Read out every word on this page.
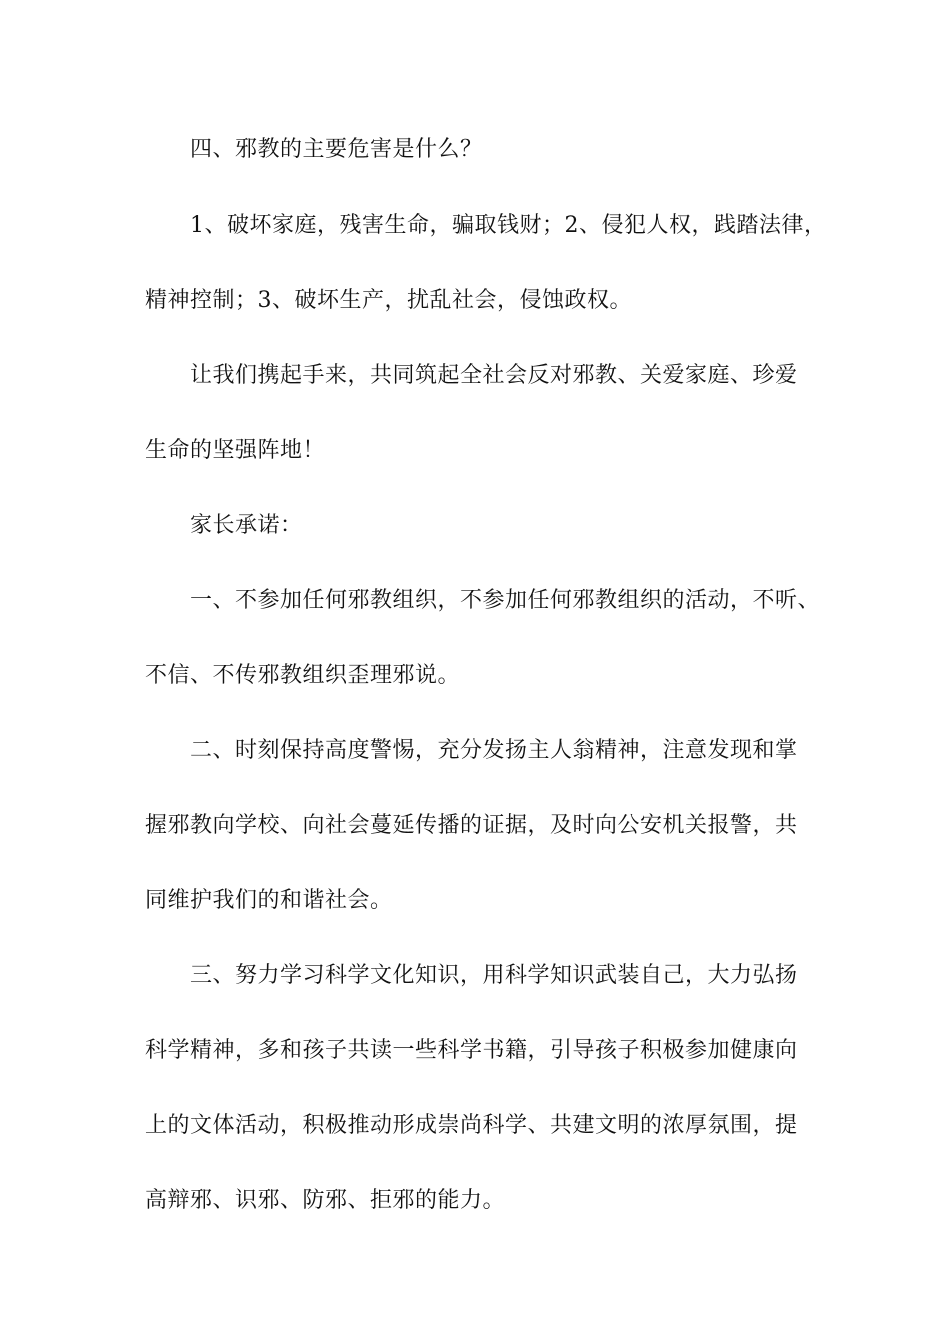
四、邪教的主要危害是什么？
1、破坏家庭，残害生命，骗取钱财；2、侵犯人权，践踏法律，
精神控制；3、破坏生产，扰乱社会，侵蚀政权。
让我们携起手来，共同筑起全社会反对邪教、关爱家庭、珍爱
生命的坚强阵地！
家长承诺：
一、不参加任何邪教组织，不参加任何邪教组织的活动，不听、
不信、不传邪教组织歪理邪说。
二、时刻保持高度警惕，充分发扬主人翁精神，注意发现和掌
握邪教向学校、向社会蔓延传播的证据，及时向公安机关报警，共
同维护我们的和谐社会。
三、努力学习科学文化知识，用科学知识武装自己，大力弘扬
科学精神，多和孩子共读一些科学书籍，引导孩子积极参加健康向
上的文体活动，积极推动形成崇尚科学、共建文明的浓厚氛围，提
高辩邪、识邪、防邪、拒邪的能力。
